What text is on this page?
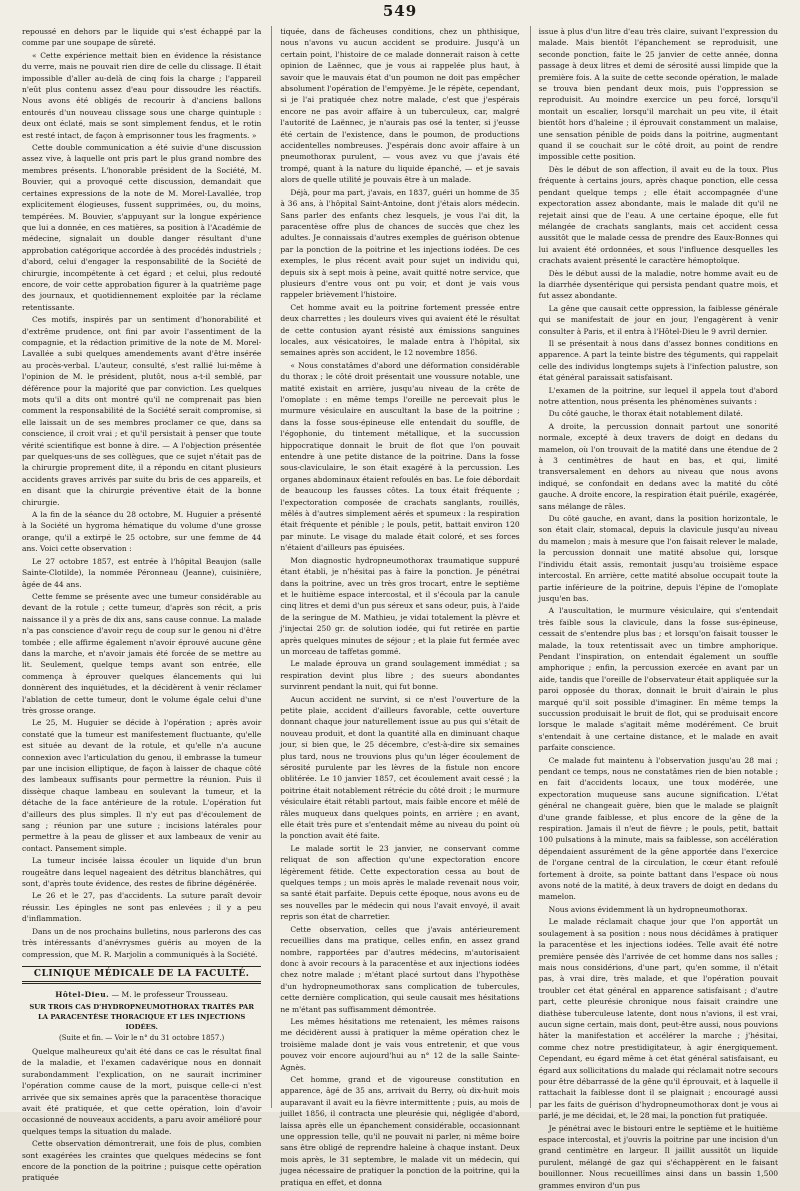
549

repoussé en dehors par le liquide qui s'est échappé par la comme par une soupape de sûreté.

« Cette expérience mettait bien en évidence la résistance du verre, mais ne pouvait rien dire de celle du clissage. Il était impossible d'aller au-delà de cinq fois la charge ; l'appareil n'eût plus contenu assez d'eau pour dissoudre les réactifs. Nous avons été obligés de recourir à d'anciens ballons entourés d'un nouveau clissage sous une charge quintuple : deux ont éclaté, mais se sont simplement fendus, et le rotin est resté intact, de façon à emprisonner tous les fragments. »

Cette double communication a été suivie d'une discussion assez vive, à laquelle ont pris part le plus grand nombre des membres présents. L'honorable président de la Société, M. Bouvier, qui a provoqué cette discussion, demandait que certaines expressions de la note de M. Morel-Lavallée, trop explicitement élogieuses, fussent supprimées, ou, du moins, tempérées. M. Bouvier, s'appuyant sur la longue expérience que lui a donnée, en ces matières, sa position à l'Académie de médecine, signalait un double danger résultant d'une approbation catégorique accordée à des procédés industriels ; d'abord, celui d'engager la responsabilité de la Société de chirurgie, incompétente à cet égard ; et celui, plus redouté encore, de voir cette approbation figurer à la quatrième page des journaux, et quotidiennement exploitée par la réclame retentissante.

Ces motifs, inspirés par un sentiment d'honorabilité et d'extrême prudence, ont fini par avoir l'assentiment de la compagnie, et la rédaction primitive de la note de M. Morel-Lavallée a subi quelques amendements avant d'être insérée au procès-verbal. L'auteur, consulté, s'est rallié lui-même à l'opinion de M. le président, plutôt, nous a-t-il semblé, par déférence pour la majorité que par conviction. Les quelques mots qu'il a dits ont montré qu'il ne comprenait pas bien comment la responsabilité de la Société serait compromise, si elle laissait un de ses membres proclamer ce que, dans sa conscience, il croit vrai ; et qu'il persistait à penser que toute vérité scientifique est bonne à dire. — A l'objection présentée par quelques-uns de ses collègues, que ce sujet n'était pas de la chirurgie proprement dite, il a répondu en citant plusieurs accidents graves arrivés par suite du bris de ces appareils, et en disant que la chirurgie préventive était de la bonne chirurgie.

A la fin de la séance du 28 octobre, M. Huguier a présenté à la Société un hygroma hématique du volume d'une grosse orange, qu'il a extirpé le 25 octobre, sur une femme de 44 ans. Voici cette observation :

Le 27 octobre 1857, est entrée à l'hôpital Beaujon (salle Sainte-Clotilde), la nommée Péronneau (Jeanne), cuisinière, âgée de 44 ans.

Cette femme se présente avec une tumeur considérable au devant de la rotule ; cette tumeur, d'après son récit, a pris naissance il y a près de dix ans, sans cause connue. La malade n'a pas conscience d'avoir reçu de coup sur le genou ni d'être tombée ; elle affirme également n'avoir éprouvé aucune gêne dans la marche, et n'avoir jamais été forcée de se mettre au lit. Seulement, quelque temps avant son entrée, elle commença à éprouver quelques élancements qui lui donnèrent des inquiétudes, et la décidèrent à venir réclamer l'ablation de cette tumeur, dont le volume égale celui d'une très grosse orange.

Le 25, M. Huguier se décide à l'opération ; après avoir constaté que la tumeur est manifestement fluctuante, qu'elle est située au devant de la rotule, et qu'elle n'a aucune connexion avec l'articulation du genou, il embrasse la tumeur par une incision elliptique, de façon à laisser de chaque côté des lambeaux suffisants pour permettre la réunion. Puis il dissèque chaque lambeau en soulevant la tumeur, et la détache de la face antérieure de la rotule. L'opération fut d'ailleurs des plus simples. Il n'y eut pas d'écoulement de sang ; réunion par une suture ; incisions latérales pour permettre à la peau de glisser et aux lambeaux de venir au contact. Pansement simple.

La tumeur incisée laissa écouler un liquide d'un brun rougeâtre dans lequel nageaient des détritus blanchâtres, qui sont, d'après toute évidence, des restes de fibrine dégénérée.

Le 26 et le 27, pas d'accidents. La suture paraît devoir réussir. Les épingles ne sont pas enlevées ; il y a peu d'inflammation.

Dans un de nos prochains bulletins, nous parlerons des cas très intéressants d'anévrysmes guéris au moyen de la compression, que M. R. Marjolin a communiqués à la Société.

CLINIQUE MÉDICALE DE LA FACULTÉ.
Hôtel-Dieu. — M. le professeur Trousseau.
SUR TROIS CAS D'HYDROPNEUMOTHORAX TRAITÉS PAR LA PARACENTÈSE THORACIQUE ET LES INJECTIONS IODÉES.
(Suite et fin. — Voir le n° du 31 octobre 1857.)

Quelque malheureux qu'ait été dans ce cas le résultat final de la maladie, et l'examen cadavérique nous en donnait surabondamment l'explication, on ne saurait incriminer l'opération comme cause de la mort, puisque celle-ci n'est arrivée que six semaines après que la paracentèse thoracique avait été pratiquée, et que cette opération, loin d'avoir occasionné de nouveaux accidents, a paru avoir amélioré pour quelques temps la situation du malade.

Cette observation démontrerait, une fois de plus, combien sont exagérées les craintes que quelques médecins se font encore de la ponction de la poitrine ; puisque cette opération pratiquée

tiquée, dans de fâcheuses conditions, chez un phthisique, nous n'avons vu aucun accident se produire. Jusqu'à un certain point, l'histoire de ce malade donnerait raison à cette opinion de Laënnec, que je vous ai rappelée plus haut, à savoir que le mauvais état d'un poumon ne doit pas empêcher absolument l'opération de l'empyème. Je le répète, cependant, si je l'ai pratiquée chez notre malade, c'est que j'espérais encore ne pas avoir affaire à un tuberculeux, car, malgré l'autorité de Laënnec, je n'aurais pas osé la tenter, si j'eusse été certain de l'existence, dans le poumon, de productions accidentelles nombreuses. J'espérais donc avoir affaire à un pneumothorax purulent, — vous avez vu que j'avais été trompé, quant à la nature du liquide épanché, — et je savais alors de quelle utilité je pouvais être à un malade.

Déjà, pour ma part, j'avais, en 1837, guéri un homme de 35 à 36 ans, à l'hôpital Saint-Antoine, dont j'étais alors médecin. Sans parler des enfants chez lesquels, je vous l'ai dit, la paracentèse offre plus de chances de succès que chez les adultes. Je connaissais d'autres exemples de guérison obtenue par la ponction de la poitrine et les injections iodées. De ces exemples, le plus récent avait pour sujet un individu qui, depuis six à sept mois à peine, avait quitté notre service, que plusieurs d'entre vous ont pu voir, et dont je vais vous rappeler brièvement l'histoire.

Cet homme avait eu la poitrine fortement pressée entre deux charrettes ; les douleurs vives qui avaient été le résultat de cette contusion ayant résisté aux émissions sanguines locales, aux vésicatoires, le malade entra à l'hôpital, six semaines après son accident, le 12 novembre 1856.

« Nous constatâmes d'abord une déformation considérable du thorax ; le côté droit présentait une voussure notable, une matité existait en arrière, jusqu'au niveau de la crête de l'omoplate : en même temps l'oreille ne percevait plus le murmure vésiculaire en auscultant la base de la poitrine ; dans la fosse sous-épineuse elle entendait du souffle, de l'égophonie, du tintement métallique, et la succussion hippocratique donnait le bruit de flot que l'on pouvait entendre à une petite distance de la poitrine. Dans la fosse sous-claviculaire, le son était exagéré à la percussion. Les organes abdominaux étaient refoulés en bas. Le foie débordait de beaucoup les fausses côtes. La toux était fréquente ; l'expectoration composée de crachats sanglants, rouillés, mêlés à d'autres simplement aérés et spumeux : la respiration était fréquente et pénible ; le pouls, petit, battait environ 120 par minute. Le visage du malade était coloré, et ses forces n'étaient d'ailleurs pas épuisées.

Mon diagnostic hydropneumothorax traumatique suppuré étant établi, je n'hésitai pas à faire la ponction. Je pénétrai dans la poitrine, avec un très gros trocart, entre le septième et le huitième espace intercostal, et il s'écoula par la canule cinq litres et demi d'un pus séreux et sans odeur, puis, à l'aide de la seringue de M. Mathieu, je vidai totalement la plèvre et j'injectai 250 gr. de solution iodée, qui fut retirée en partie après quelques minutes de séjour ; et la plaie fut fermée avec un morceau de taffetas gommé.

Le malade éprouva un grand soulagement immédiat ; sa respiration devint plus libre ; des sueurs abondantes survinrent pendant la nuit, qui fut bonne.

Aucun accident ne survint, si ce n'est l'ouverture de la petite plaie, accident d'ailleurs favorable, cette ouverture donnant chaque jour naturellement issue au pus qui s'était de nouveau produit, et dont la quantité alla en diminuant chaque jour, si bien que, le 25 décembre, c'est-à-dire six semaines plus tard, nous ne trouvions plus qu'un léger écoulement de sérosité purulente par les lèvres de la fistule non encore oblitérée. Le 10 janvier 1857, cet écoulement avait cessé ; la poitrine était notablement rétrécie du côté droit ; le murmure vésiculaire était rétabli partout, mais faible encore et mêlé de râles muqueux dans quelques points, en arrière ; en avant, elle était très pure et s'entendait même au niveau du point où la ponction avait été faite.

Le malade sortit le 23 janvier, ne conservant comme reliquat de son affection qu'une expectoration encore légèrement fétide. Cette expectoration cessa au bout de quelques temps ; un mois après le malade revenait nous voir, sa santé était parfaite. Depuis cette époque, nous avons eu de ses nouvelles par le médecin qui nous l'avait envoyé, il avait repris son état de charretier.

Cette observation, celles que j'avais antérieurement recueillies dans ma pratique, celles enfin, en assez grand nombre, rapportées par d'autres médecins, m'autorisaient donc à avoir recours à la paracentèse et aux injections iodées chez notre malade ; m'étant placé surtout dans l'hypothèse d'un hydropneumothorax sans complication de tubercules, cette dernière complication, qui seule causait mes hésitations ne m'étant pas suffisamment démontrée.

Les mêmes hésitations me retenaient, les mêmes raisons me décidèrent aussi à pratiquer la même opération chez le troisième malade dont je vais vous entretenir, et que vous pouvez voir encore aujourd'hui au n° 12 de la salle Sainte-Agnès.

Cet homme, grand et de vigoureuse constitution en apparence, âgé de 35 ans, arrivait du Berry, où dix-huit mois auparavant il avait eu la fièvre intermittente ; puis, au mois de juillet 1856, il contracta une pleurésie qui, négligée d'abord, laissa après elle un épanchement considérable, occasionnant une oppression telle, qu'il ne pouvait ni parler, ni même boire sans être obligé de reprendre haleine à chaque instant. Deux mois après, le 31 septembre, le malade vit un médecin, qui jugea nécessaire de pratiquer la ponction de la poitrine, qui la pratiqua en effet, et donna

issue à plus d'un litre d'eau très claire, suivant l'expression du malade. Mais bientôt l'épanchement se reproduisit, une seconde ponction, faite le 25 janvier de cette année, donna passage à deux litres et demi de sérosité aussi limpide que la première fois. A la suite de cette seconde opération, le malade se trouva bien pendant deux mois, puis l'oppression se reproduisit. Au moindre exercice un peu forcé, lorsqu'il montait un escalier, lorsqu'il marchait un peu vite, il était bientôt hors d'haleine ; il éprouvait constamment un malaise, une sensation pénible de poids dans la poitrine, augmentant quand il se couchait sur le côté droit, au point de rendre impossible cette position.

Dès le début de son affection, il avait eu de la toux. Plus fréquente à certains jours, après chaque ponction, elle cessa pendant quelque temps ; elle était accompagnée d'une expectoration assez abondante, mais le malade dit qu'il ne rejetait ainsi que de l'eau. A une certaine époque, elle fut mélangée de crachats sanglants, mais cet accident cessa aussitôt que le malade cessa de prendre des Eaux-Bonnes qui lui avaient été ordonnées, et sous l'influence desquelles les crachats avaient présenté le caractère hémoptoïque.

Dès le début aussi de la maladie, notre homme avait eu de la diarrhée dysentérique qui persista pendant quatre mois, et fut assez abondante.

La gêne que causait cette oppression, la faiblesse générale qui se manifestait de jour en jour, l'engagèrent à venir consulter à Paris, et il entra à l'Hôtel-Dieu le 9 avril dernier.

Il se présentait à nous dans d'assez bonnes conditions en apparence. A part la teinte bistre des téguments, qui rappelait celle des individus longtemps sujets à l'infection palustre, son état général paraissait satisfaisant.

L'examen de la poitrine, sur lequel il appela tout d'abord notre attention, nous présenta les phénomènes suivants :

Du côté gauche, le thorax était notablement dilaté.

A droite, la percussion donnait partout une sonorité normale, excepté à deux travers de doigt en dedans du mamelon, où l'on trouvait de la matité dans une étendue de 2 à 3 centimètres de haut en bas, et qui, limité transversalement en dehors au niveau que nous avons indiqué, se confondait en dedans avec la matité du côté gauche. A droite encore, la respiration était puérile, exagérée, sans mélange de râles.

Du côté gauche, en avant, dans la position horizontale, le son était clair, stomacal, depuis la clavicule jusqu'au niveau du mamelon ; mais à mesure que l'on faisait relever le malade, la percussion donnait une matité absolue qui, lorsque l'individu était assis, remontait jusqu'au troisième espace intercostal. En arrière, cette matité absolue occupait toute la partie inférieure de la poitrine, depuis l'épine de l'omoplate jusqu'en bas.

A l'auscultation, le murmure vésiculaire, qui s'entendait très faible sous la clavicule, dans la fosse sus-épineuse, cessait de s'entendre plus bas ; et lorsqu'on faisait tousser le malade, la toux retentissait avec un timbre amphorique. Pendant l'inspiration, on entendait également un souffle amphorique ; enfin, la percussion exercée en avant par un aide, tandis que l'oreille de l'observateur était appliquée sur la paroi opposée du thorax, donnait le bruit d'airain le plus marqué qu'il soit possible d'imaginer. En même temps la succussion produisait le bruit de flot, qui se produisait encore lorsque le malade s'agitait même modérément. Ce bruit s'entendait à une certaine distance, et le malade en avait parfaite conscience.

Ce malade fut maintenu à l'observation jusqu'au 28 mai ; pendant ce temps, nous ne constatâmes rien de bien notable ; en fait d'accidents locaux, une toux modérée, une expectoration muqueuse sans aucune signification. L'état général ne changeait guère, bien que le malade se plaignît d'une grande faiblesse, et plus encore de la gêne de la respiration. Jamais il n'eut de fièvre ; le pouls, petit, battait 100 pulsations à la minute, mais sa faiblesse, son accélération dépendaient assurément de la gêne apportée dans l'exercice de l'organe central de la circulation, le cœur étant refoulé fortement à droite, sa pointe battant dans l'espace où nous avons noté de la matité, à deux travers de doigt en dedans du mamelon.

Nous avions évidemment là un hydropneumothorax.

Le malade réclamait chaque jour que l'on apportât un soulagement à sa position : nous nous décidâmes à pratiquer la paracentèse et les injections iodées. Telle avait été notre première pensée dès l'arrivée de cet homme dans nos salles ; mais nous considérions, d'une part, qu'en somme, il n'était pas, à vrai dire, très malade, et que l'opération pouvait troubler cet état général en apparence satisfaisant ; d'autre part, cette pleurésie chronique nous faisait craindre une diathèse tuberculeuse latente, dont nous n'avions, il est vrai, aucun signe certain, mais dont, peut-être aussi, nous pouvions hâter la manifestation et accélérer la marche ; j'hésitai, comme chez notre prestidigitateur, à agir énergiquement. Cependant, eu égard même à cet état général satisfaisant, eu égard aux sollicitations du malade qui réclamait notre secours pour être débarrassé de la gêne qu'il éprouvait, et à laquelle il rattachait la faiblesse dont il se plaignait ; encouragé aussi par les faits de guérison d'hydropneumothorax dont je vous ai parlé, je me décidai, et, le 28 mai, la ponction fut pratiquée.

Je pénétrai avec le bistouri entre le septième et le huitième espace intercostal, et j'ouvris la poitrine par une incision d'un grand centimètre en largeur. Il jaillit aussitôt un liquide purulent, mélangé de gaz qui s'échappèrent en le faisant bouillonner. Nous recueillîmes ainsi dans un bassin 1,500 grammes environ d'un pus
